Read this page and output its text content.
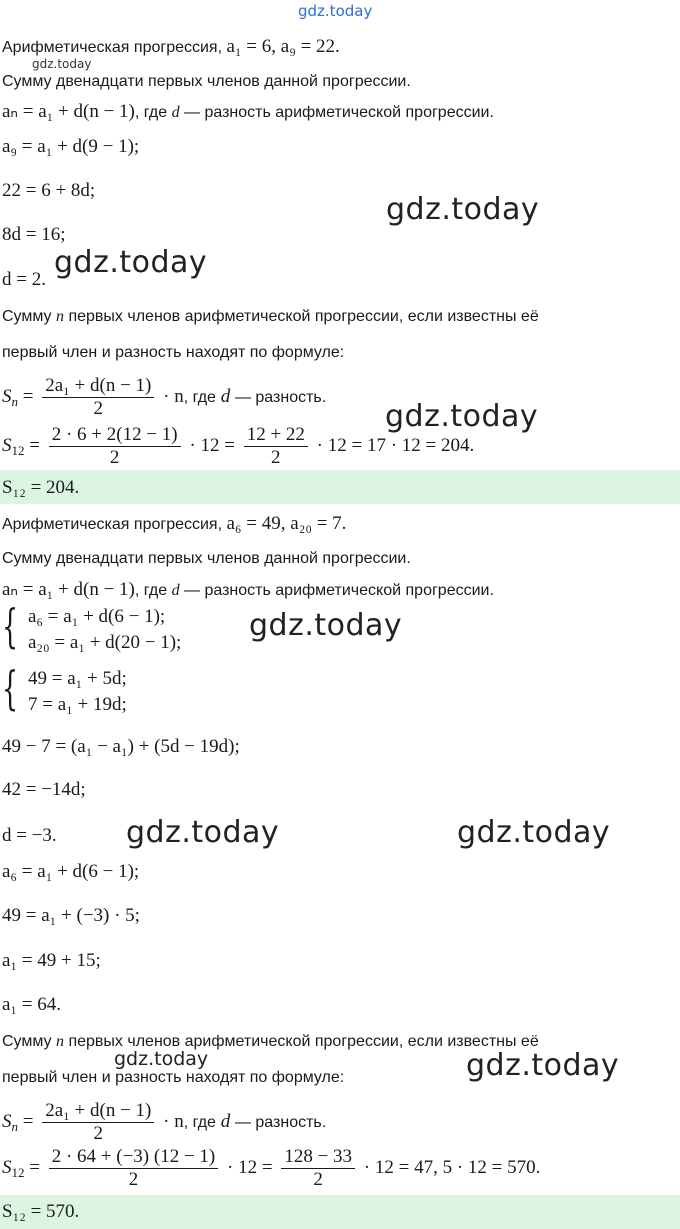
gdz.today
Арифметическая прогрессия, a₁ = 6, a₉ = 22.
gdz.today
Сумму двенадцати первых членов данной прогрессии.
aₙ = a₁ + d(n − 1), где d — разность арифметической прогрессии.
a₉ = a₁ + d(9 − 1);
22 = 6 + 8d;
gdz.today
8d = 16;
gdz.today
d = 2.
Сумму n первых членов арифметической прогрессии, если известны её
первый член и разность находят по формуле:
$S_n = \frac{\text{2a₁ + d(n − 1)}}{2} \cdot n$, где d — разность.
gdz.today
$S_{12} = \frac{2 \cdot 6 + 2(12 - 1)}{2} \cdot 12 = \frac{12 + 22}{2} \cdot 12 = 17 \cdot 12 = 204$.
S₁₂ = 204.
Арифметическая прогрессия, a₆ = 49, a₂₀ = 7.
Сумму двенадцати первых членов данной прогрессии.
aₙ = a₁ + d(n − 1), где d — разность арифметической прогрессии.
{ a₆ = a₁ + d(6 − 1);
a₂₀ = a₁ + d(20 − 1); gdz.today
{ 49 = a₁ + 5d;
7 = a₁ + 19d;
49 − 7 = (a₁ − a₁) + (5d − 19d);
42 = −14d;
d = −3. gdz.today	gdz.today
a₆ = a₁ + d(6 − 1);
49 = a₁ + (−3) · 5;
a₁ = 49 + 15;
a₁ = 64.
Сумму n первых членов арифметической прогрессии, если известны её
gdz.today	gdz.today
первый член и разность находят по формуле:
$S_n = \frac{\text{2a₁ + d(n − 1)}}{2} \cdot n$, где d — разность.
$S_{12} = \frac{2 \cdot 64 + (-3) (12 - 1)}{2} \cdot 12 = \frac{128 - 33}{2} \cdot 12 = 47$, 5 · 12 = 570.
S₁₂ = 570.
